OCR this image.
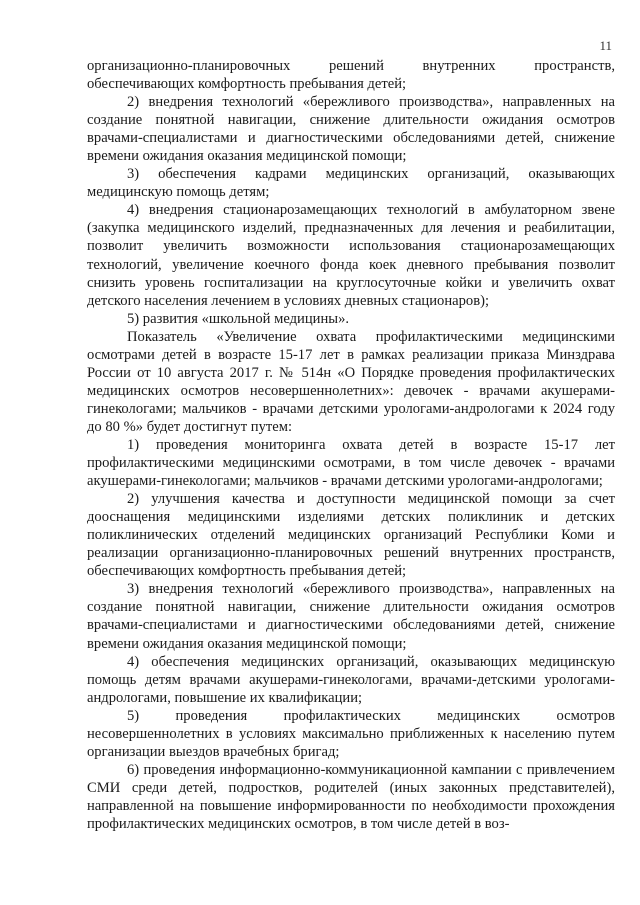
11

организационно-планировочных решений внутренних пространств, обеспечивающих комфортность пребывания детей;

2) внедрения технологий «бережливого производства», направленных на создание понятной навигации, снижение длительности ожидания осмотров врачами-специалистами и диагностическими обследованиями детей, снижение времени ожидания оказания медицинской помощи;

3) обеспечения кадрами медицинских организаций, оказывающих медицинскую помощь детям;

4) внедрения стационарозамещающих технологий в амбулаторном звене (закупка медицинского изделий, предназначенных для лечения и реабилитации, позволит увеличить возможности использования стационарозамещающих технологий, увеличение коечного фонда коек дневного пребывания позволит снизить уровень госпитализации на круглосуточные койки и увеличить охват детского населения лечением в условиях дневных стационаров);

5) развития «школьной медицины».

Показатель «Увеличение охвата профилактическими медицинскими осмотрами детей в возрасте 15-17 лет в рамках реализации приказа Минздрава России от 10 августа 2017 г. № 514н «О Порядке проведения профилактических медицинских осмотров несовершеннолетних»: девочек - врачами акушерами-гинекологами; мальчиков - врачами детскими урологами-андрологами к 2024 году до 80 %» будет достигнут путем:

1) проведения мониторинга охвата детей в возрасте 15-17 лет профилактическими медицинскими осмотрами, в том числе девочек - врачами акушерами-гинекологами; мальчиков - врачами детскими урологами-андрологами;

2) улучшения качества и доступности медицинской помощи за счет дооснащения медицинскими изделиями детских поликлиник и детских поликлинических отделений медицинских организаций Республики Коми и реализации организационно-планировочных решений внутренних пространств, обеспечивающих комфортность пребывания детей;

3) внедрения технологий «бережливого производства», направленных на создание понятной навигации, снижение длительности ожидания осмотров врачами-специалистами и диагностическими обследованиями детей, снижение времени ожидания оказания медицинской помощи;

4) обеспечения медицинских организаций, оказывающих медицинскую помощь детям врачами акушерами-гинекологами, врачами-детскими урологами-андрологами, повышение их квалификации;

5) проведения профилактических медицинских осмотров несовершеннолетних в условиях максимально приближенных к населению путем организации выездов врачебных бригад;

6) проведения информационно-коммуникационной кампании с привлечением СМИ среди детей, подростков, родителей (иных законных представителей), направленной на повышение информированности по необходимости прохождения профилактических медицинских осмотров, в том числе детей в воз-
